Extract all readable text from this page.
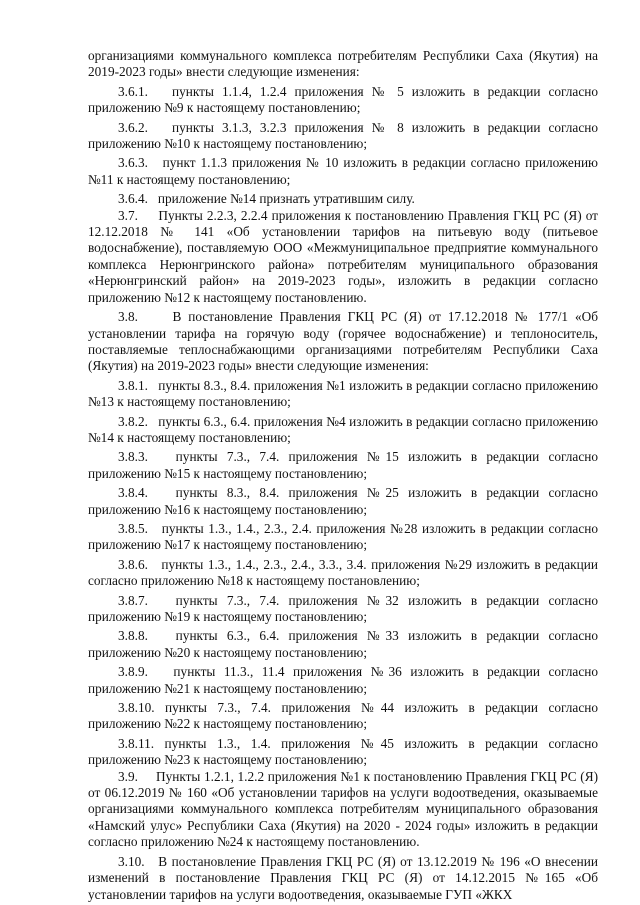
организациями коммунального комплекса потребителям Республики Саха (Якутия) на 2019-2023 годы» внести следующие изменения:

3.6.1.   пункты 1.1.4, 1.2.4 приложения № 5 изложить в редакции согласно приложению №9 к настоящему постановлению;

3.6.2.   пункты 3.1.3, 3.2.3 приложения № 8 изложить в редакции согласно приложению №10 к настоящему постановлению;

3.6.3.   пункт 1.1.3 приложения № 10 изложить в редакции согласно приложению №11 к настоящему постановлению;

3.6.4.   приложение №14 признать утратившим силу.

3.7.     Пункты 2.2.3, 2.2.4 приложения к постановлению Правления ГКЦ РС (Я) от 12.12.2018 № 141 «Об установлении тарифов на питьевую воду (питьевое водоснабжение), поставляемую ООО «Межмуниципальное предприятие коммунального комплекса Нерюнгринского района» потребителям муниципального образования «Нерюнгринский район» на 2019-2023 годы», изложить в редакции согласно приложению №12 к настоящему постановлению.

3.8.     В постановление Правления ГКЦ РС (Я) от 17.12.2018 № 177/1 «Об установлении тарифа на горячую воду (горячее водоснабжение) и теплоноситель, поставляемые теплоснабжающими организациями потребителям Республики Саха (Якутия) на 2019-2023 годы» внести следующие изменения:

3.8.1.   пункты 8.3., 8.4. приложения №1 изложить в редакции согласно приложению №13 к настоящему постановлению;

3.8.2.   пункты 6.3., 6.4. приложения №4 изложить в редакции согласно приложению №14 к настоящему постановлению;

3.8.3.   пункты 7.3., 7.4. приложения №15 изложить в редакции согласно приложению №15 к настоящему постановлению;

3.8.4.   пункты 8.3., 8.4. приложения №25 изложить в редакции согласно приложению №16 к настоящему постановлению;

3.8.5.   пункты 1.3., 1.4., 2.3., 2.4. приложения №28 изложить в редакции согласно приложению №17 к настоящему постановлению;

3.8.6.   пункты 1.3., 1.4., 2.3., 2.4., 3.3., 3.4. приложения №29 изложить в редакции согласно приложению №18 к настоящему постановлению;

3.8.7.   пункты 7.3., 7.4. приложения №32 изложить в редакции согласно приложению №19 к настоящему постановлению;

3.8.8.   пункты 6.3., 6.4. приложения №33 изложить в редакции согласно приложению №20 к настоящему постановлению;

3.8.9.   пункты 11.3., 11.4 приложения №36 изложить в редакции согласно приложению №21 к настоящему постановлению;

3.8.10. пункты 7.3., 7.4. приложения №44 изложить в редакции согласно приложению №22 к настоящему постановлению;

3.8.11. пункты 1.3., 1.4. приложения №45 изложить в редакции согласно приложению №23 к настоящему постановлению;

3.9.     Пункты 1.2.1, 1.2.2 приложения №1 к постановлению Правления ГКЦ РС (Я) от 06.12.2019 № 160 «Об установлении тарифов на услуги водоотведения, оказываемые организациями коммунального комплекса потребителям муниципального образования «Намский улус» Республики Саха (Якутия) на 2020 - 2024 годы» изложить в редакции согласно приложению №24 к настоящему постановлению.

3.10.   В постановление Правления ГКЦ РС (Я) от 13.12.2019 № 196 «О внесении изменений в постановление Правления ГКЦ РС (Я) от 14.12.2015 №165 «Об установлении тарифов на услуги водоотведения, оказываемые ГУП «ЖКХ
